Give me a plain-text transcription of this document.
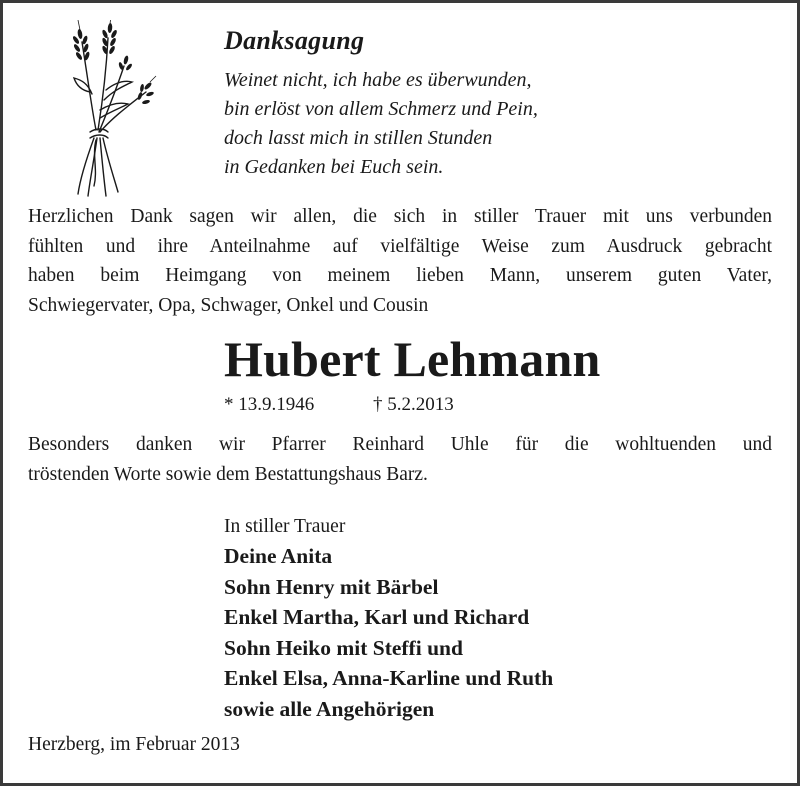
Danksagung
Weinet nicht, ich habe es überwunden,
bin erlöst von allem Schmerz und Pein,
doch lasst mich in stillen Stunden
in Gedanken bei Euch sein.
Herzlichen Dank sagen wir allen, die sich in stiller Trauer mit uns verbunden
fühlten und ihre Anteilnahme auf vielfältige Weise zum Ausdruck gebracht
haben beim Heimgang von meinem lieben Mann, unserem guten Vater,
Schwiegervater, Opa, Schwager, Onkel und Cousin
Hubert Lehmann
* 13.9.1946	† 5.2.2013
Besonders danken wir Pfarrer Reinhard Uhle für die wohltuenden und
tröstenden Worte sowie dem Bestattungshaus Barz.
In stiller Trauer
Deine Anita
Sohn Henry mit Bärbel
Enkel Martha, Karl und Richard
Sohn Heiko mit Steffi und
Enkel Elsa, Anna-Karline und Ruth
sowie alle Angehörigen
Herzberg, im Februar 2013
